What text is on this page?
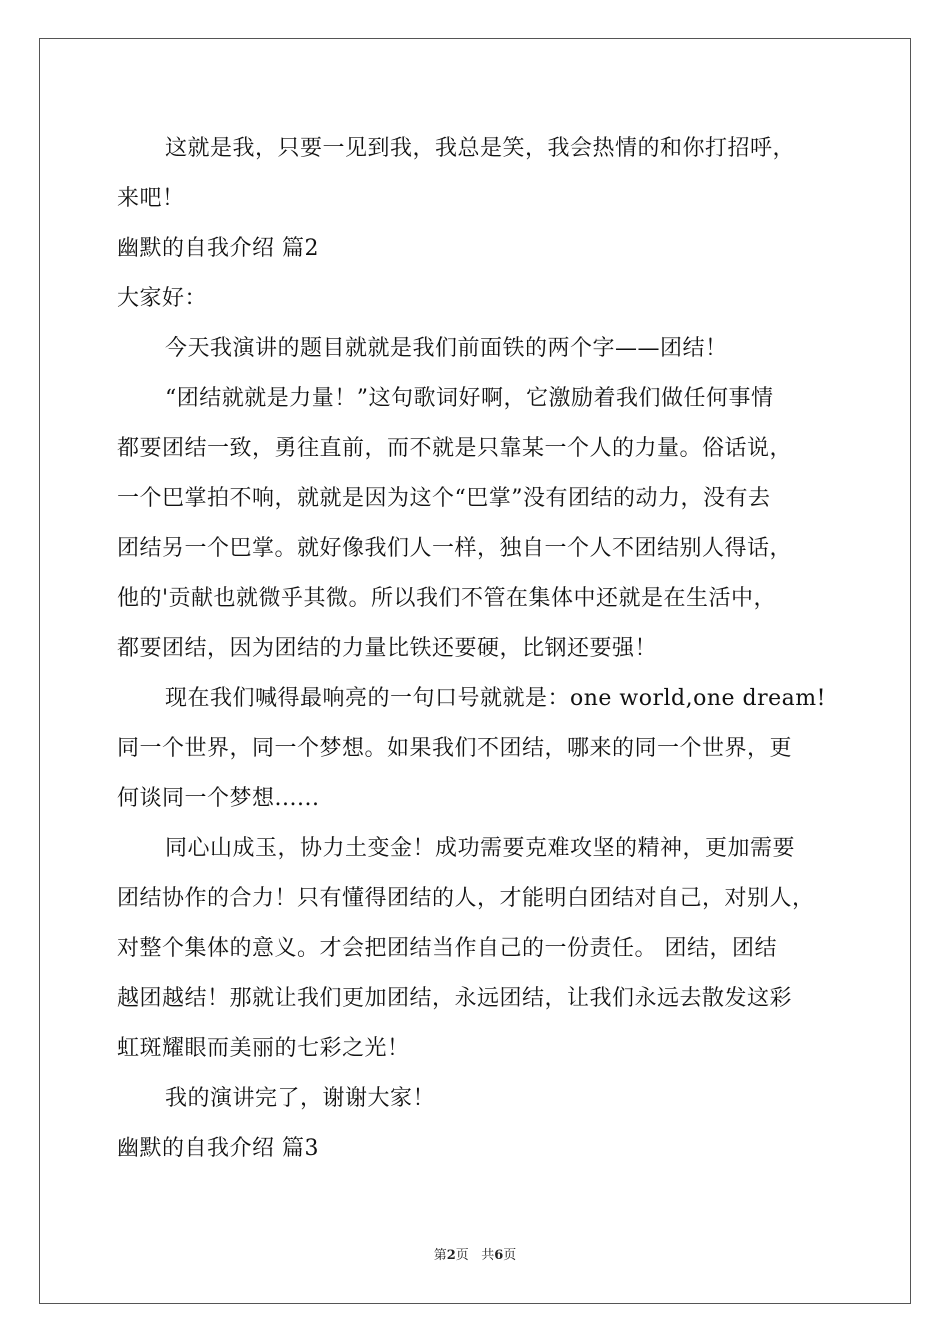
这就是我，只要一见到我，我总是笑，我会热情的和你打招呼，
来吧！
幽默的自我介绍 篇2
大家好：
今天我演讲的题目就就是我们前面铁的两个字——团结！
“团结就就是力量！”这句歌词好啊，它激励着我们做任何事情
都要团结一致，勇往直前，而不就是只靠某一个人的力量。俗话说，
一个巴掌拍不响，就就是因为这个“巴掌”没有团结的动力，没有去
团结另一个巴掌。就好像我们人一样，独自一个人不团结别人得话，
他的'贡献也就微乎其微。所以我们不管在集体中还就是在生活中，
都要团结，因为团结的力量比铁还要硬，比钢还要强！
现在我们喊得最响亮的一句口号就就是：one world,one dream!
同一个世界，同一个梦想。如果我们不团结，哪来的同一个世界，更
何谈同一个梦想......
同心山成玉，协力土变金！成功需要克难攻坚的精神，更加需要
团结协作的合力！只有懂得团结的人，才能明白团结对自己，对别人，
对整个集体的意义。才会把团结当作自己的一份责任。 团结，团结
越团越结！那就让我们更加团结，永远团结，让我们永远去散发这彩
虹斑耀眼而美丽的七彩之光！
我的演讲完了，谢谢大家！
幽默的自我介绍 篇3
第2页 共6页
